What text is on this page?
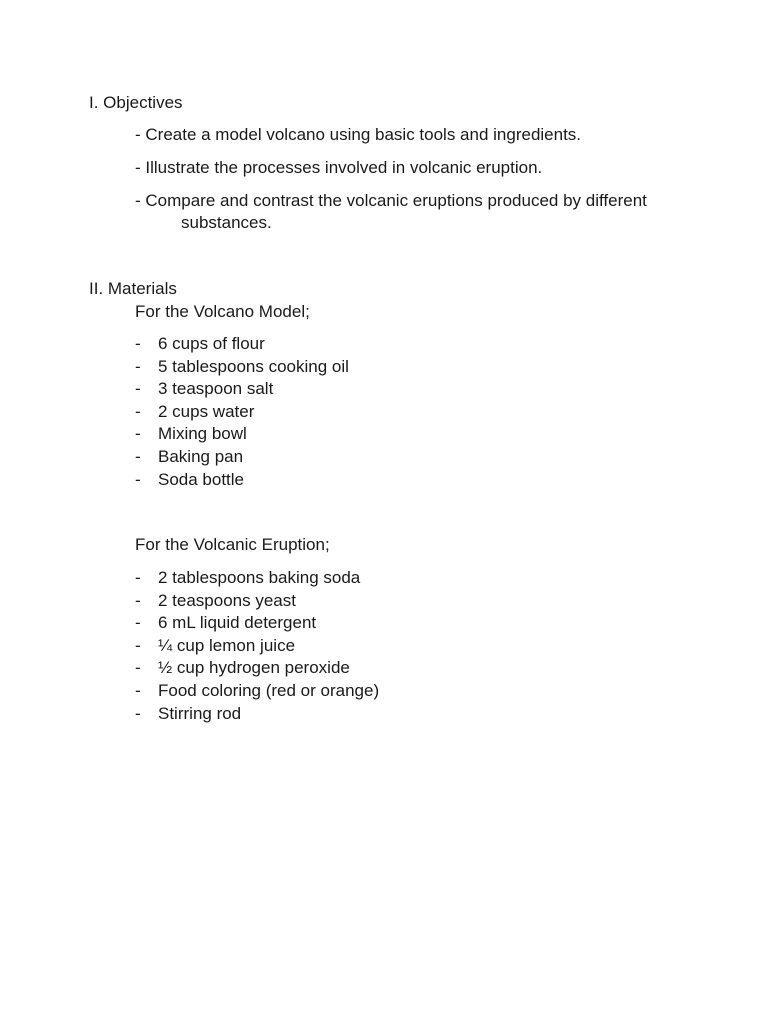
I. Objectives
- Create a model volcano using basic tools and ingredients.
- Illustrate the processes involved in volcanic eruption.
- Compare and contrast the volcanic eruptions produced by different
substances.
II. Materials
For the Volcano Model;
- 6 cups of flour
- 5 tablespoons cooking oil
- 3 teaspoon salt
- 2 cups water
- Mixing bowl
- Baking pan
- Soda bottle
For the Volcanic Eruption;
- 2 tablespoons baking soda
- 2 teaspoons yeast
- 6 mL liquid detergent
- ¼ cup lemon juice
- ½ cup hydrogen peroxide
- Food coloring (red or orange)
- Stirring rod
